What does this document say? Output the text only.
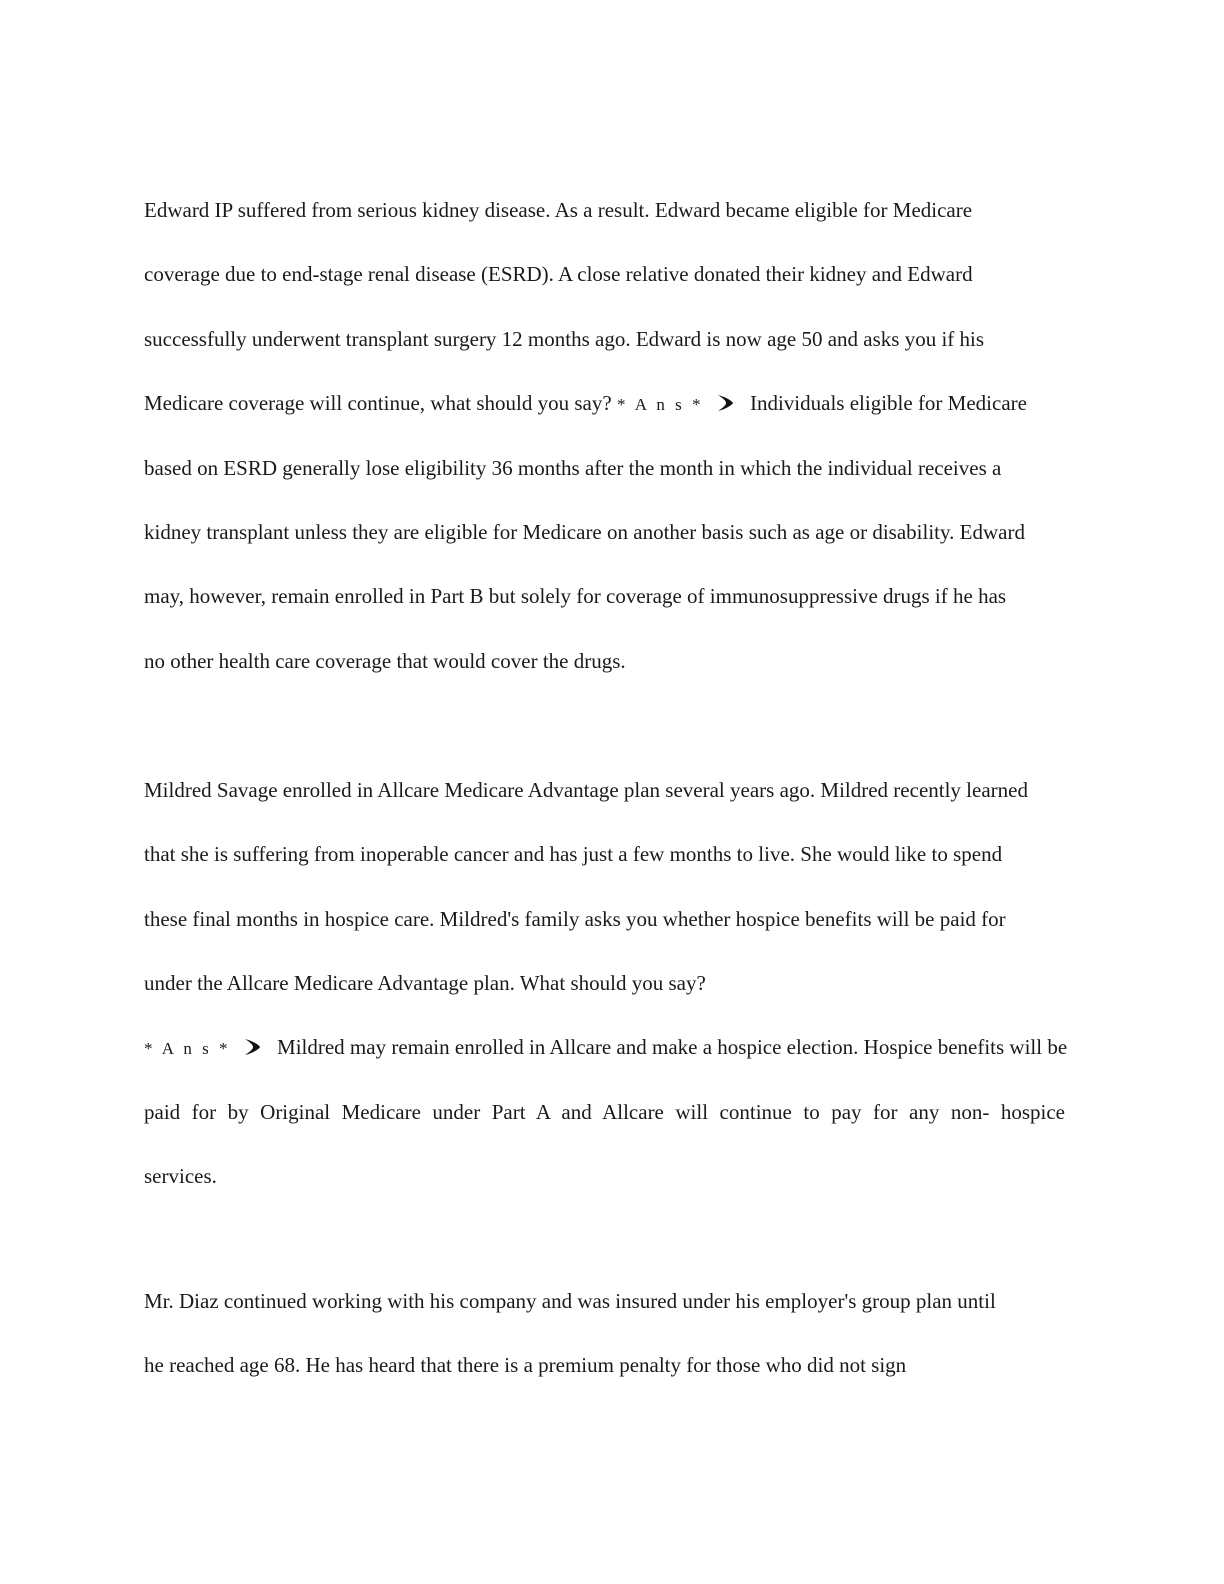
Edward IP suffered from serious kidney disease. As a result. Edward became eligible for Medicare

coverage due to end-stage renal disease (ESRD). A close relative donated their kidney and Edward

successfully underwent transplant surgery 12 months ago. Edward is now age 50 and asks you if his

Medicare coverage will continue, what should you say? * A n s * Individuals eligible for Medicare

based on ESRD generally lose eligibility 36 months after the month in which the individual receives a

kidney transplant unless they are eligible for Medicare on another basis such as age or disability. Edward

may, however, remain enrolled in Part B but solely for coverage of immunosuppressive drugs if he has

no other health care coverage that would cover the drugs.

Mildred Savage enrolled in Allcare Medicare Advantage plan several years ago. Mildred recently learned

that she is suffering from inoperable cancer and has just a few months to live. She would like to spend

these final months in hospice care. Mildred's family asks you whether hospice benefits will be paid for

under the Allcare Medicare Advantage plan. What should you say?

* A n s * Mildred may remain enrolled in Allcare and make a hospice election. Hospice benefits will be

paid for by Original Medicare under Part A and Allcare will continue to pay for any non- hospice

services.

Mr. Diaz continued working with his company and was insured under his employer's group plan until

he reached age 68. He has heard that there is a premium penalty for those who did not sign
